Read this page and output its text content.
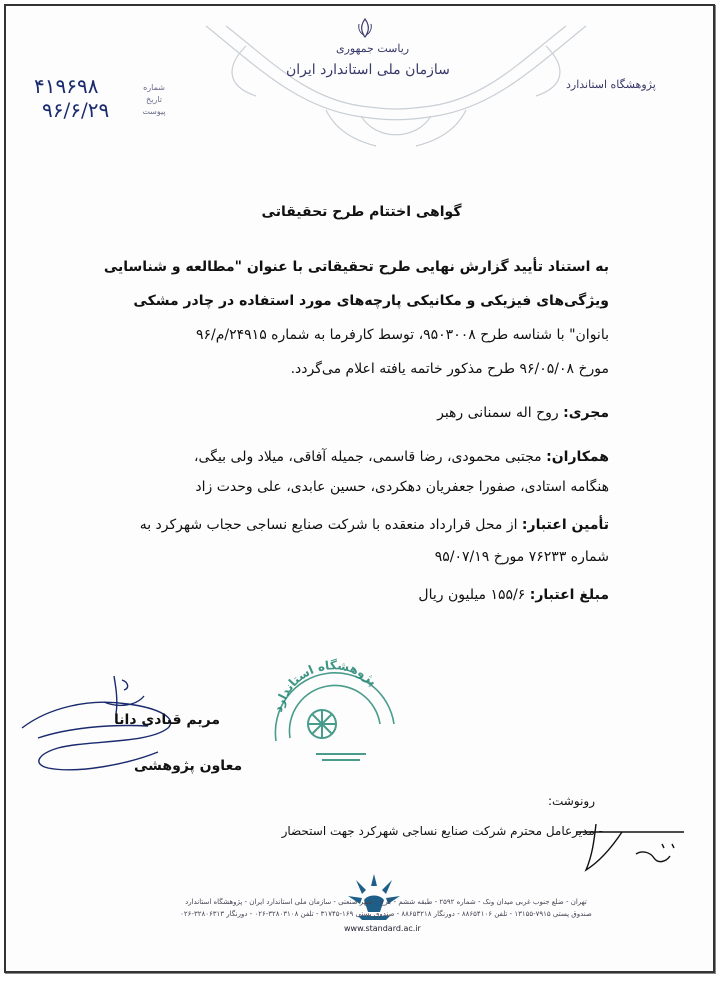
ریاست جمهوری
سازمان ملی استاندارد ایران
پژوهشگاه استاندارد
۴۱۹۶۹۸
۹۶/۶/۲۹
شماره
تاریخ
پیوست
گواهی اختتام طرح تحقیقاتی
به استناد تأیید گزارش نهایی طرح تحقیقاتی با عنوان "مطالعه و شناسایی
ویژگی‌های فیزیکی و مکانیکی پارچه‌های مورد استفاده در چادر مشکی
بانوان" با شناسه طرح ۹۵۰۳۰۰۸، توسط کارفرما به شماره ۲۴۹۱۵/م/۹۶
مورخ ۹۶/۰۵/۰۸ طرح مذکور خاتمه یافته اعلام می‌گردد.
مجری: روح اله سمنانی رهبر
همکاران: مجتبی محمودی، رضا قاسمی، جمیله آفاقی، میلاد ولی بیگی،
هنگامه استادی، صفورا جعفریان دهکردی، حسین عابدی، علی وحدت زاد
تأمین اعتبار: از محل قرارداد منعقده با شرکت صنایع نساجی حجاب شهرکرد به
شماره ۷۶۲۳۳ مورخ ۹۵/۰۷/۱۹
مبلغ اعتبار: ۱۵۵/۶ میلیون ریال
پژوهشگاه استاندارد
مریم قبادی دانا
معاون پژوهشی
رونوشت:
- مدیرعامل محترم شرکت صنایع نساجی شهرکرد جهت استحضار
www.standard.ac.ir
تهران - ضلع جنوب غربی میدان ونک - شماره ۲۵۹۲ - طبقه ششم - کرج - شهر صنعتی - سازمان ملی استاندارد ایران - پژوهشگاه استاندارد
صندوق پستی ۷۹۱۵-۱۳۱۵۵ - تلفن ۸۸۶۵۴۱۰۶ - دورنگار ۸۸۶۵۳۲۱۸ - صندوق پستی ۱۶۹-۳۱۷۴۵ - تلفن ۳۲۸۰۳۱۰۸-۰۲۶ - دورنگار ۳۲۸۰۶۳۱۳-۰۲۶
